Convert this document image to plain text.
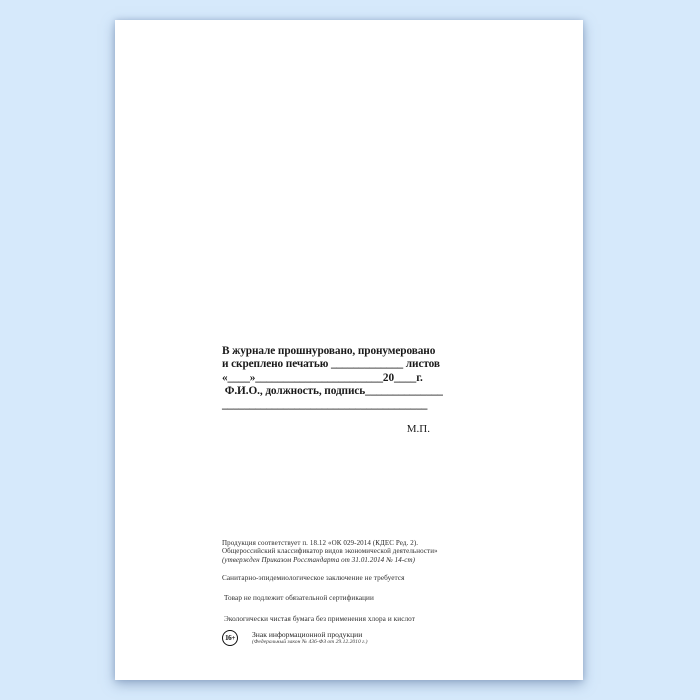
В журнале прошнуровано, пронумеровано
и скреплено печатью _____________ листов
«____»_______________________20____г.
Ф.И.О., должность, подпись______________
_____________________________________
М.П.
Продукция соответствует п. 18.12 «ОК 029-2014 (КДЕС Ред. 2).
Общероссийский классификатор видов экономической деятельности»
(утвержден Приказом Росстандарта от 31.01.2014 № 14-ст)
Санитарно-эпидемиологическое заключение не требуется
Товар не подлежит обязательной сертификации
Экологически чистая бумага без применения хлора и кислот
16+	Знак информационной продукции
(Федеральный закон № 436-ФЗ от 29.12.2010 г.)
